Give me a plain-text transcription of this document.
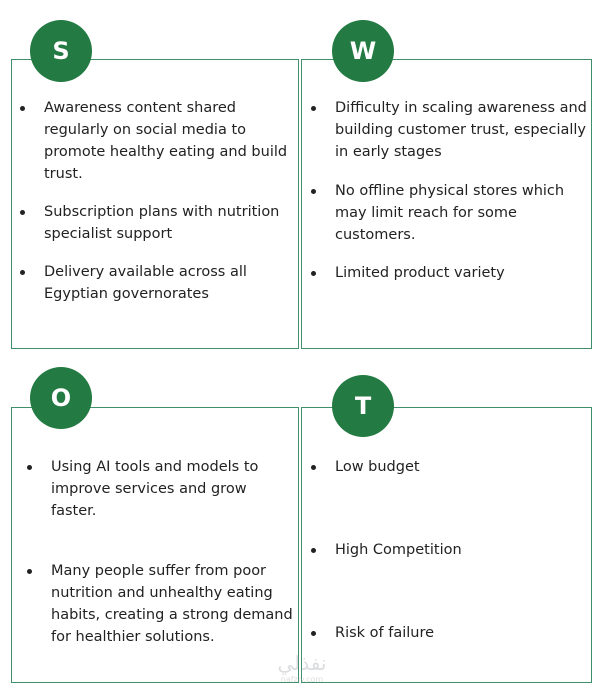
S	W
O	T
Awareness content shared regularly on social media to promote healthy eating and build trust.
Subscription plans with nutrition specialist support
Delivery available across all Egyptian governorates
Difficulty in scaling awareness and building customer trust, especially in early stages
No offline physical stores which may limit reach for some customers.
Limited product variety
Using AI tools and models to improve services and grow faster.
Many people suffer from poor nutrition and unhealthy eating habits, creating a strong demand for healthier solutions.
Low budget
High Competition
Risk of failure
نفذلي
nafzly.com
